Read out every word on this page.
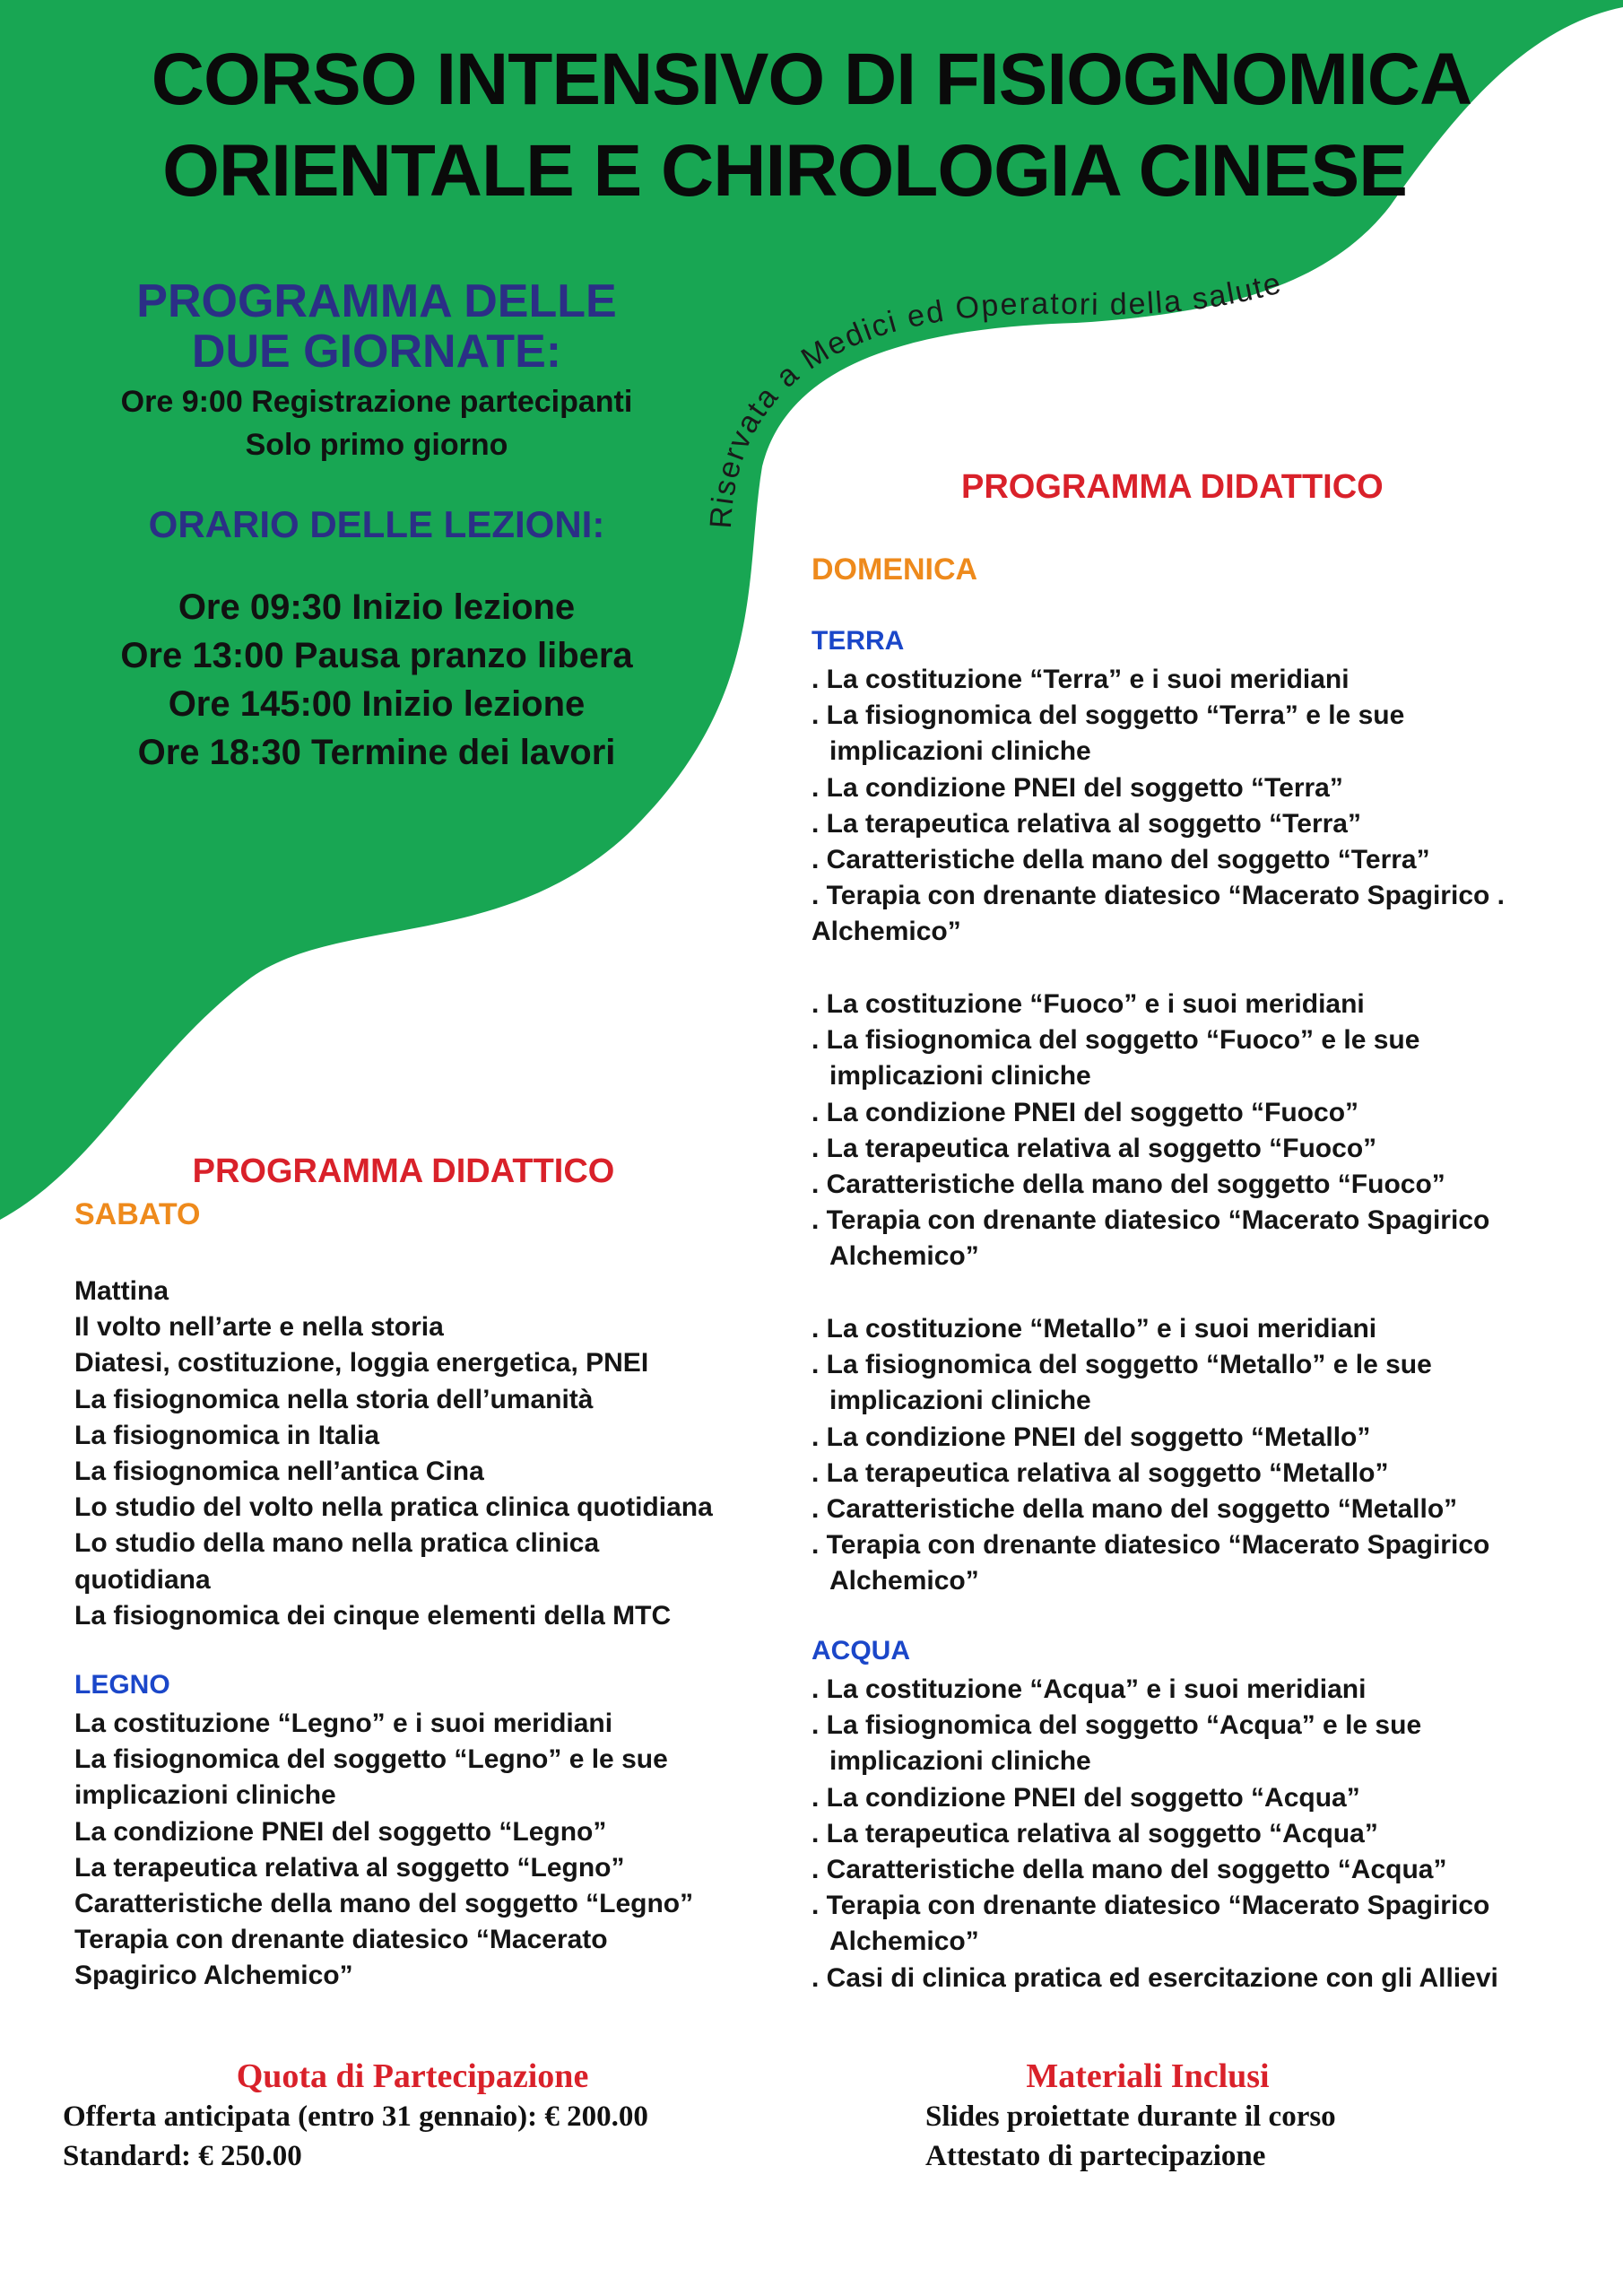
Riservata a Medici ed Operatori della salute
CORSO INTENSIVO DI FISIOGNOMICA
ORIENTALE E CHIROLOGIA CINESE
PROGRAMMA DELLE
DUE GIORNATE:
Ore 9:00 Registrazione partecipanti
Solo primo giorno
ORARIO DELLE LEZIONI:
Ore 09:30 Inizio lezione
Ore 13:00 Pausa pranzo libera
Ore 145:00 Inizio lezione
Ore 18:30 Termine dei lavori
PROGRAMMA DIDATTICO
SABATO
Mattina
Il volto nell’arte e nella storia
Diatesi, costituzione, loggia energetica, PNEI
La fisiognomica nella storia dell’umanità
La fisiognomica in Italia
La fisiognomica nell’antica Cina
Lo studio del volto nella pratica clinica quotidiana
Lo studio della mano nella pratica clinica
quotidiana
La fisiognomica dei cinque elementi della MTC
LEGNO
La costituzione “Legno” e i suoi meridiani
La fisiognomica del soggetto “Legno” e le sue
implicazioni cliniche
La condizione PNEI del soggetto “Legno”
La terapeutica relativa al soggetto “Legno”
Caratteristiche della mano del soggetto “Legno”
Terapia con drenante diatesico “Macerato
Spagirico Alchemico”
PROGRAMMA DIDATTICO
DOMENICA
TERRA
. La costituzione “Terra” e i suoi meridiani
. La fisiognomica del soggetto “Terra” e le sue
implicazioni cliniche
. La condizione PNEI del soggetto “Terra”
. La terapeutica relativa al soggetto “Terra”
. Caratteristiche della mano del soggetto “Terra”
. Terapia con drenante diatesico “Macerato Spagirico .
Alchemico”
. La costituzione “Fuoco” e i suoi meridiani
. La fisiognomica del soggetto “Fuoco” e le sue
implicazioni cliniche
. La condizione PNEI del soggetto “Fuoco”
. La terapeutica relativa al soggetto “Fuoco”
. Caratteristiche della mano del soggetto “Fuoco”
. Terapia con drenante diatesico “Macerato Spagirico
Alchemico”
. La costituzione “Metallo” e i suoi meridiani
. La fisiognomica del soggetto “Metallo” e le sue
implicazioni cliniche
. La condizione PNEI del soggetto “Metallo”
. La terapeutica relativa al soggetto “Metallo”
. Caratteristiche della mano del soggetto “Metallo”
. Terapia con drenante diatesico “Macerato Spagirico
Alchemico”
ACQUA
. La costituzione “Acqua” e i suoi meridiani
. La fisiognomica del soggetto “Acqua” e le sue
implicazioni cliniche
. La condizione PNEI del soggetto “Acqua”
. La terapeutica relativa al soggetto “Acqua”
. Caratteristiche della mano del soggetto “Acqua”
. Terapia con drenante diatesico “Macerato Spagirico
Alchemico”
. Casi di clinica pratica ed esercitazione con gli Allievi
Quota di Partecipazione
Offerta anticipata (entro 31 gennaio): € 200.00
Standard: € 250.00
Materiali Inclusi
Slides proiettate durante il corso
Attestato di partecipazione
